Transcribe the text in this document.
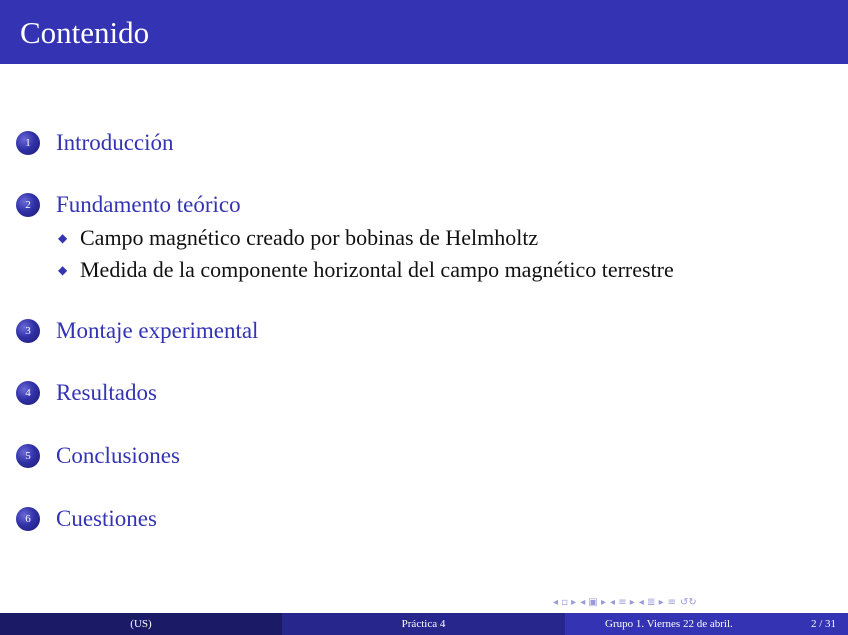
Contenido
1	Introducción
2	Fundamento teórico
◆ Campo magnético creado por bobinas de Helmholtz
◆ Medida de la componente horizontal del campo magnético terrestre
3	Montaje experimental
4	Resultados
5	Conclusiones
6	Cuestiones
◂ ▫ ▸ ◂ ▣ ▸ ◂ ≡ ▸ ◂ ≣ ▸ ≡ ↺↻
(US)	Práctica 4	Grupo 1. Viernes 22 de abril.	2 / 31
